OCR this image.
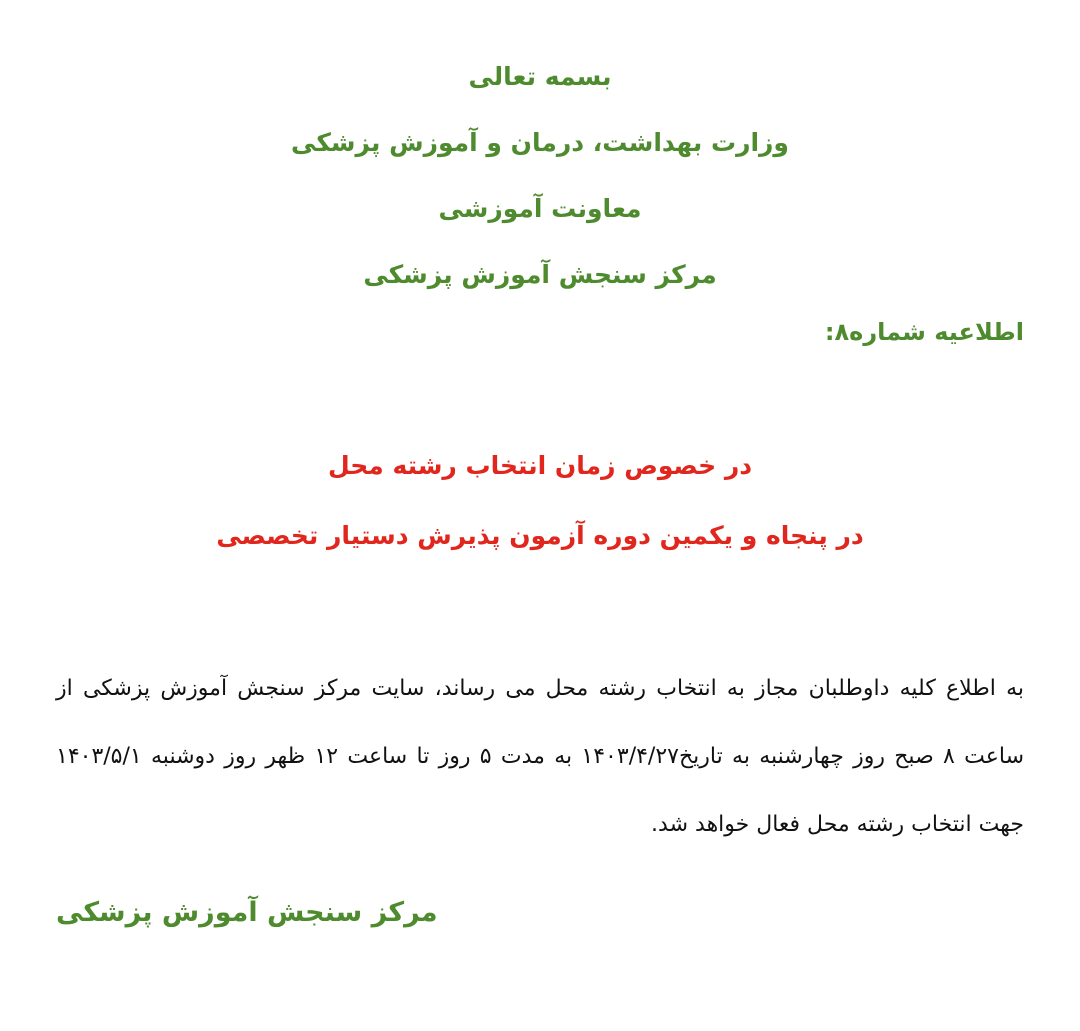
بسمه تعالی
وزارت بهداشت، درمان و آموزش پزشکی
معاونت آموزشی
مرکز سنجش آموزش پزشکی
اطلاعیه شماره۸:
در خصوص زمان انتخاب رشته محل
در پنجاه و یکمین دوره آزمون پذیرش دستیار تخصصی

به اطلاع کلیه داوطلبان مجاز به انتخاب رشته محل می رساند، سایت مرکز سنجش آموزش پزشکی از ساعت ۸ صبح روز چهارشنبه به تاریخ۱۴۰۳/۴/۲۷ به مدت ۵ روز تا ساعت ۱۲ ظهر روز دوشنبه ۱۴۰۳/۵/۱ جهت انتخاب رشته محل فعال خواهد شد.

مرکز سنجش آموزش پزشکی
